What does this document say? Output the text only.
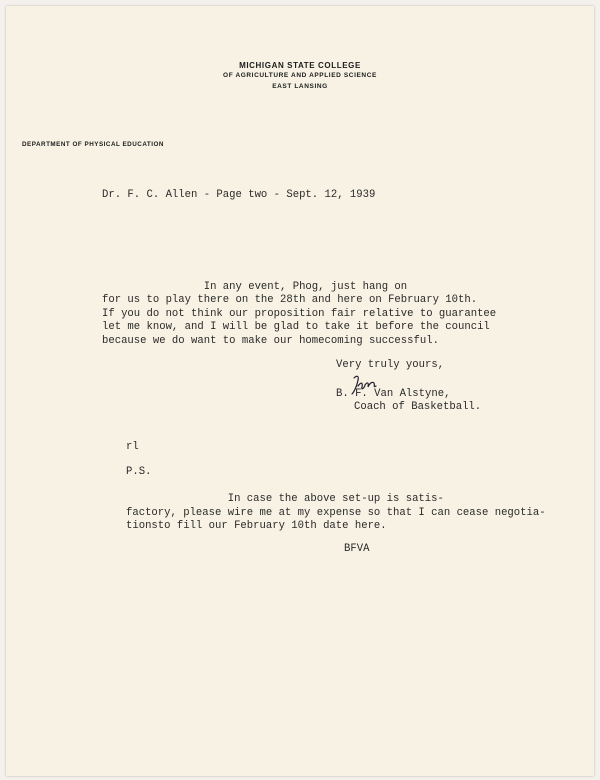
MICHIGAN STATE COLLEGE
OF AGRICULTURE AND APPLIED SCIENCE
EAST LANSING
DEPARTMENT OF PHYSICAL EDUCATION
Dr. F. C. Allen - Page two - Sept. 12, 1939
In any event, Phog, just hang on
for us to play there on the 28th and here on February 10th.
If you do not think our proposition fair relative to guarantee
let me know, and I will be glad to take it before the council
because we do want to make our homecoming successful.
Very truly yours,
B. F. Van Alstyne,
Coach of Basketball.
rl
P.S.
In case the above set-up is satis-
factory, please wire me at my expense so that I can cease negotia-
tionsto fill our February 10th date here.
BFVA
